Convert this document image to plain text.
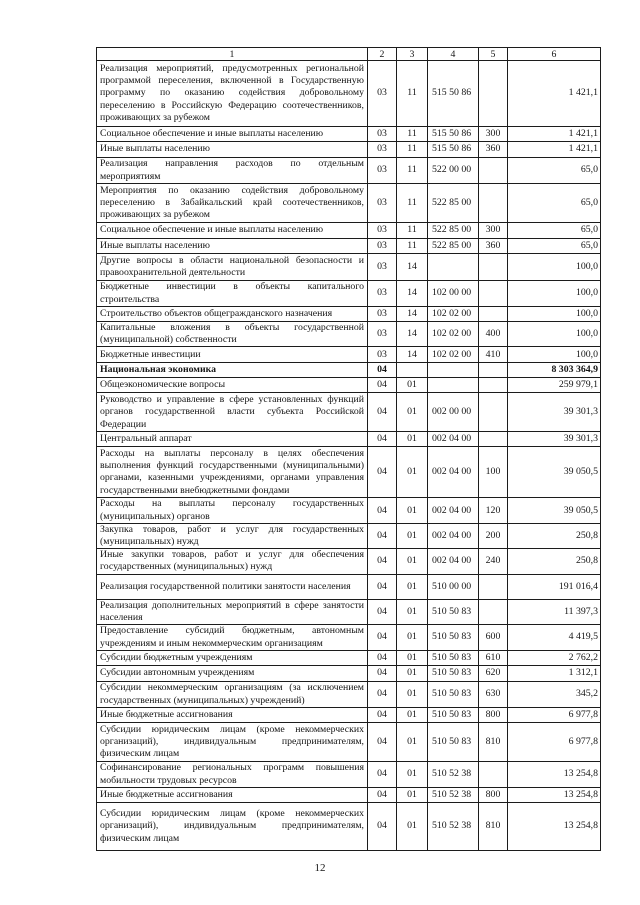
1	2	3	4	5	6
Реализация мероприятий, предусмотренных региональной программой переселения, включенной в Государственную программу по оказанию содействия добровольному переселению в Российскую Федерацию соотечественников, проживающих за рубежом	03	11	515 50 86		1 421,1
Социальное обеспечение и иные выплаты населению	03	11	515 50 86	300	1 421,1
Иные выплаты населению	03	11	515 50 86	360	1 421,1
Реализация направления расходов по отдельным мероприятиям	03	11	522 00 00		65,0
Мероприятия по оказанию содействия добровольному переселению в Забайкальский край соотечественников, проживающих за рубежом	03	11	522 85 00		65,0
Социальное обеспечение и иные выплаты населению	03	11	522 85 00	300	65,0
Иные выплаты населению	03	11	522 85 00	360	65,0
Другие вопросы в области национальной безопасности и правоохранительной деятельности	03	14			100,0
Бюджетные инвестиции в объекты капитального строительства	03	14	102 00 00		100,0
Строительство объектов общегражданского назначения	03	14	102 02 00		100,0
Капитальные вложения в объекты государственной (муниципальной) собственности	03	14	102 02 00	400	100,0
Бюджетные инвестиции	03	14	102 02 00	410	100,0
Национальная экономика	04				8 303 364,9
Общеэкономические вопросы	04	01			259 979,1
Руководство и управление в сфере установленных функций органов государственной власти субъекта Российской Федерации	04	01	002 00 00		39 301,3
Центральный аппарат	04	01	002 04 00		39 301,3
Расходы на выплаты персоналу в целях обеспечения выполнения функций государственными (муниципальными) органами, казенными учреждениями, органами управления государственными внебюджетными фондами	04	01	002 04 00	100	39 050,5
Расходы на выплаты персоналу государственных (муниципальных) органов	04	01	002 04 00	120	39 050,5
Закупка товаров, работ и услуг для государственных (муниципальных) нужд	04	01	002 04 00	200	250,8
Иные закупки товаров, работ и услуг для обеспечения государственных (муниципальных) нужд	04	01	002 04 00	240	250,8
Реализация государственной политики занятости населения	04	01	510 00 00		191 016,4
Реализация дополнительных мероприятий в сфере занятости населения	04	01	510 50 83		11 397,3
Предоставление субсидий бюджетным, автономным учреждениям и иным некоммерческим организациям	04	01	510 50 83	600	4 419,5
Субсидии бюджетным учреждениям	04	01	510 50 83	610	2 762,2
Субсидии автономным учреждениям	04	01	510 50 83	620	1 312,1
Субсидии некоммерческим организациям (за исключением государственных (муниципальных) учреждений)	04	01	510 50 83	630	345,2
Иные бюджетные ассигнования	04	01	510 50 83	800	6 977,8
Субсидии юридическим лицам (кроме некоммерческих организаций), индивидуальным предпринимателям, физическим лицам	04	01	510 50 83	810	6 977,8
Софинансирование региональных программ повышения мобильности трудовых ресурсов	04	01	510 52 38		13 254,8
Иные бюджетные ассигнования	04	01	510 52 38	800	13 254,8
Субсидии юридическим лицам (кроме некоммерческих организаций), индивидуальным предпринимателям, физическим лицам	04	01	510 52 38	810	13 254,8
12
